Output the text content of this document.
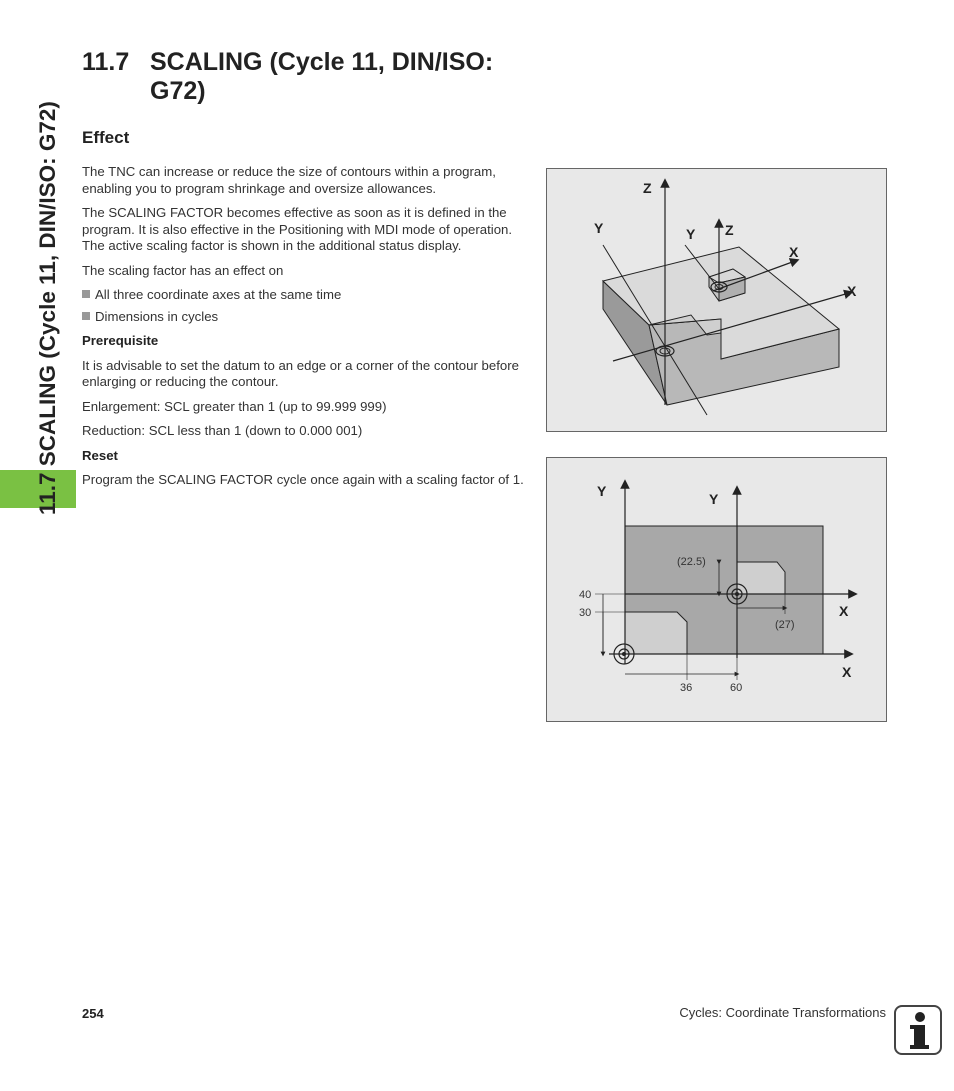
11.7 SCALING (Cycle 11, DIN/ISO: G72)
11.7 SCALING (Cycle 11, DIN/ISO: G72)
Effect

The TNC can increase or reduce the size of contours within a program, enabling you to program shrinkage and oversize allowances.

The SCALING FACTOR becomes effective as soon as it is defined in the program. It is also effective in the Positioning with MDI mode of operation. The active scaling factor is shown in the additional status display.

The scaling factor has an effect on

All three coordinate axes at the same time
Dimensions in cycles
Prerequisite

It is advisable to set the datum to an edge or a corner of the contour before enlarging or reducing the contour.

Enlargement: SCL greater than 1 (up to 99.999 999)

Reduction: SCL less than 1 (down to 0.000 001)

Reset

Program the SCALING FACTOR cycle once again with a scaling factor of 1.

Z
Y	Y Z
X
X
Y	Y
X
X
(22.5)
40
30
(27)
36	60
254	Cycles: Coordinate Transformations
